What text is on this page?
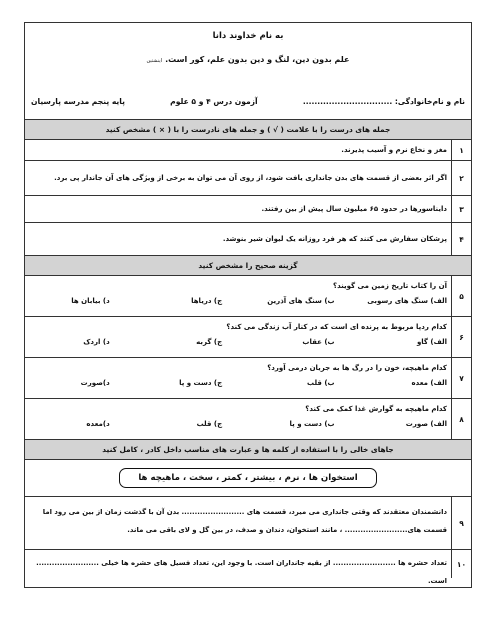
به نام خداوند دانا
علم بدون دین، لنگ و دین بدون علم، کور است.اینشتین
نام و نام‌خانوادگی: ...............................
آزمون درس ۴ و ۵ علوم
پایه پنجم مدرسه پارسیان
جمله های درست را با علامت ( √ ) و جمله های نادرست را با ( × ) مشخص کنید
۱
مغز و نخاع نرم و آسیب پذیرند.
۲
اگر اثر بعضی از قسمت های بدن جانداری یافت شود، از روی آن می توان به برخی از ویژگی های آن جاندار پی برد.
۳
دایناسورها در حدود ۶۵ میلیون سال پیش از بین رفتند.
۴
پزشکان سفارش می کنند که هر فرد روزانه یک لیوان شیر بنوشد.
گزینه صحیح را مشخص کنید
۵
آن را کتاب تاریخ زمین می گویند؟
الف) سنگ های رسوبی
ب) سنگ های آذرین
ج) دریاها
د) بیابان ها
۶
کدام ردپا مربوط به پرنده ای است که در کنار آب زندگی می کند؟
الف) گاو
ب) عقاب
ج) گربه
د) اردک
۷
کدام ماهیچه، خون را در رگ ها به جریان درمی آورد؟
الف) معده
ب) قلب
ج) دست و پا
د)صورت
۸
کدام ماهیچه به گوارش غذا کمک می کند؟
الف) صورت
ب) دست و پا
ج) قلب
د)معده
جاهای خالی را با استفاده از کلمه ها و عبارت های مناسب داخل کادر ، کامل کنید
استخوان ها ، نرم ، بیشتر ، کمتر ، سخت ، ماهیچه ها
۹
دانشمندان معتقدند که وقتی جانداری می میرد، قسمت های ........................ بدن آن با گذشت زمان از بین می رود اما
قسمت های........................ ، مانند استخوان، دندان و صدف، در بین گل و لای باقی می ماند.
۱۰
تعداد حشره ها ........................ از بقیه جانداران است. با وجود این، تعداد فسیل های حشره ها خیلی ........................ است.
